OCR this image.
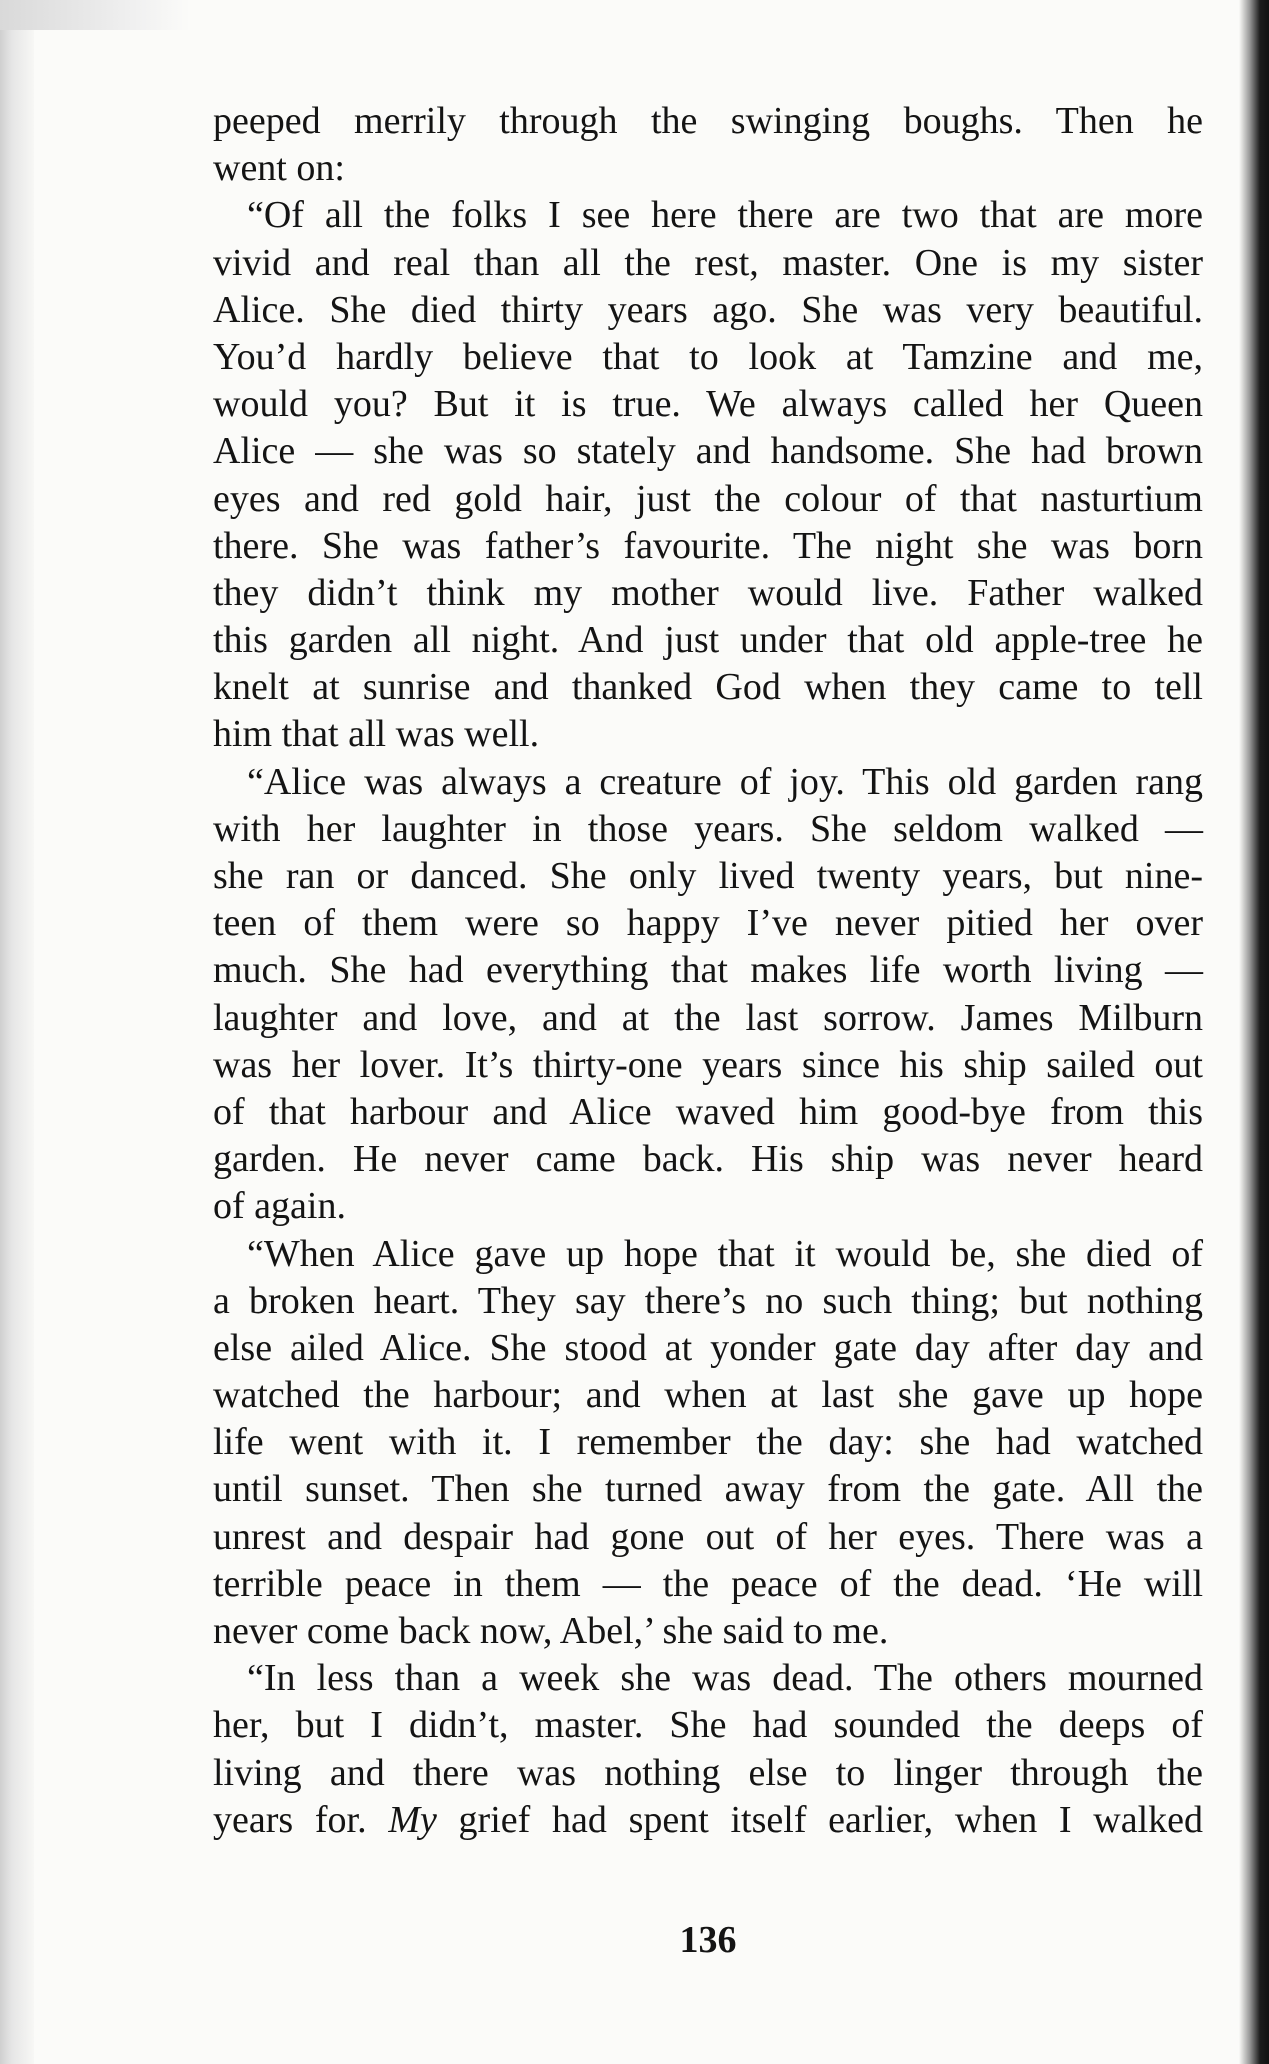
peeped merrily through the swinging boughs. Then he
went on:
“Of all the folks I see here there are two that are more
vivid and real than all the rest, master. One is my sister
Alice. She died thirty years ago. She was very beautiful.
You’d hardly believe that to look at Tamzine and me,
would you? But it is true. We always called her Queen
Alice — she was so stately and handsome. She had brown
eyes and red gold hair, just the colour of that nasturtium
there. She was father’s favourite. The night she was born
they didn’t think my mother would live. Father walked
this garden all night. And just under that old apple-tree he
knelt at sunrise and thanked God when they came to tell
him that all was well.
“Alice was always a creature of joy. This old garden rang
with her laughter in those years. She seldom walked —
she ran or danced. She only lived twenty years, but nine-
teen of them were so happy I’ve never pitied her over
much. She had everything that makes life worth living —
laughter and love, and at the last sorrow. James Milburn
was her lover. It’s thirty-one years since his ship sailed out
of that harbour and Alice waved him good-bye from this
garden. He never came back. His ship was never heard
of again.
“When Alice gave up hope that it would be, she died of
a broken heart. They say there’s no such thing; but nothing
else ailed Alice. She stood at yonder gate day after day and
watched the harbour; and when at last she gave up hope
life went with it. I remember the day: she had watched
until sunset. Then she turned away from the gate. All the
unrest and despair had gone out of her eyes. There was a
terrible peace in them — the peace of the dead. ‘He will
never come back now, Abel,’ she said to me.
“In less than a week she was dead. The others mourned
her, but I didn’t, master. She had sounded the deeps of
living and there was nothing else to linger through the
years for. My grief had spent itself earlier, when I walked
136
